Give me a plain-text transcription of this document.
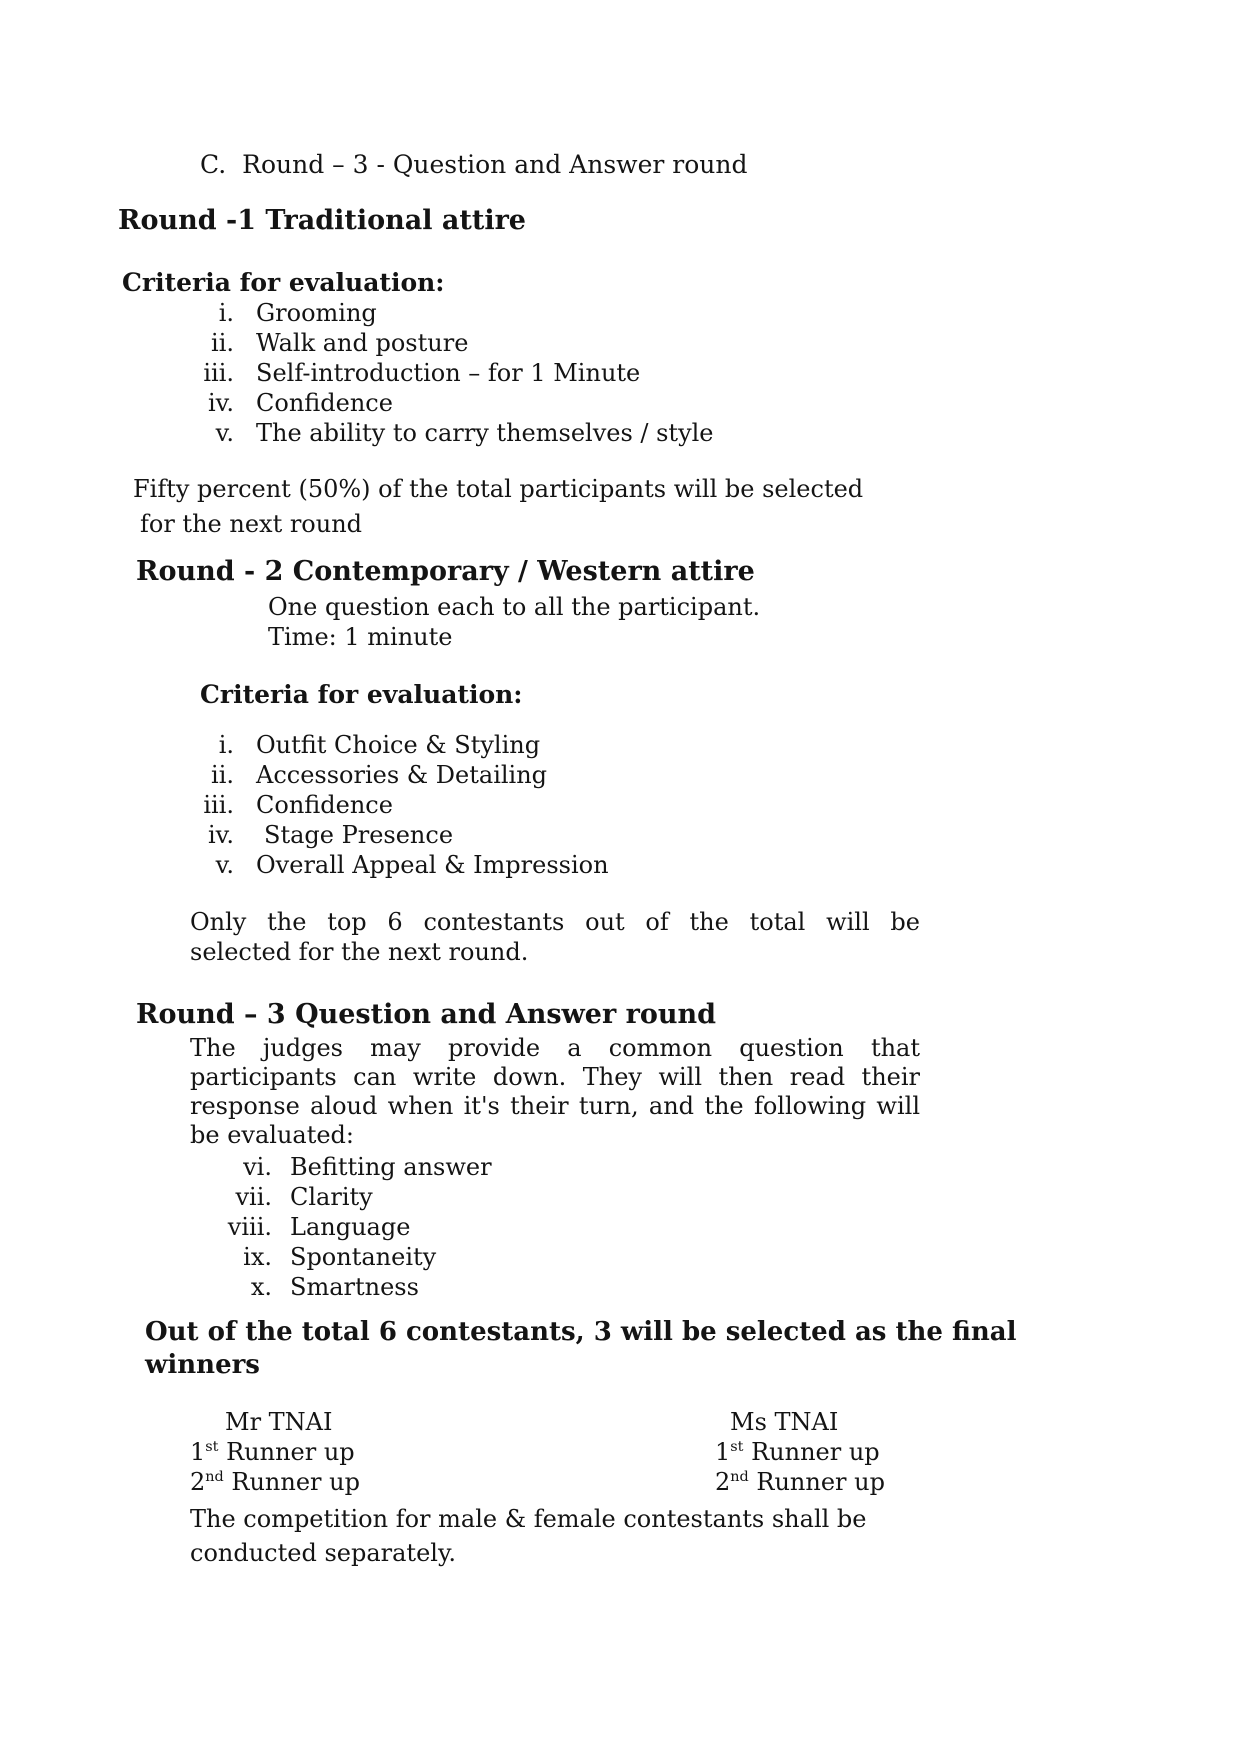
C. Round – 3 - Question and Answer round
Round -1 Traditional attire
Criteria for evaluation:
i. Grooming
ii. Walk and posture
iii. Self-introduction – for 1 Minute
iv. Confidence
v. The ability to carry themselves / style
Fifty percent (50%) of the total participants will be selected
for the next round
Round - 2 Contemporary / Western attire
One question each to all the participant.
Time: 1 minute
Criteria for evaluation:
i. Outfit Choice & Styling
ii. Accessories & Detailing
iii. Confidence
iv.	Stage Presence
v. Overall Appeal & Impression
Only the top 6 contestants out of the total will be
selected for the next round.
Round – 3 Question and Answer round
The judges may provide a common question that
participants can write down. They will then read their
response aloud when it's their turn, and the following will
be evaluated:
vi. Befitting answer
vii. Clarity
viii. Language
ix. Spontaneity
x. Smartness
Out of the total 6 contestants, 3 will be selected as the final
winners
Mr TNAI
1st Runner up
2nd Runner up
Ms TNAI
1st Runner up
2nd Runner up
The competition for male & female contestants shall be
conducted separately.
